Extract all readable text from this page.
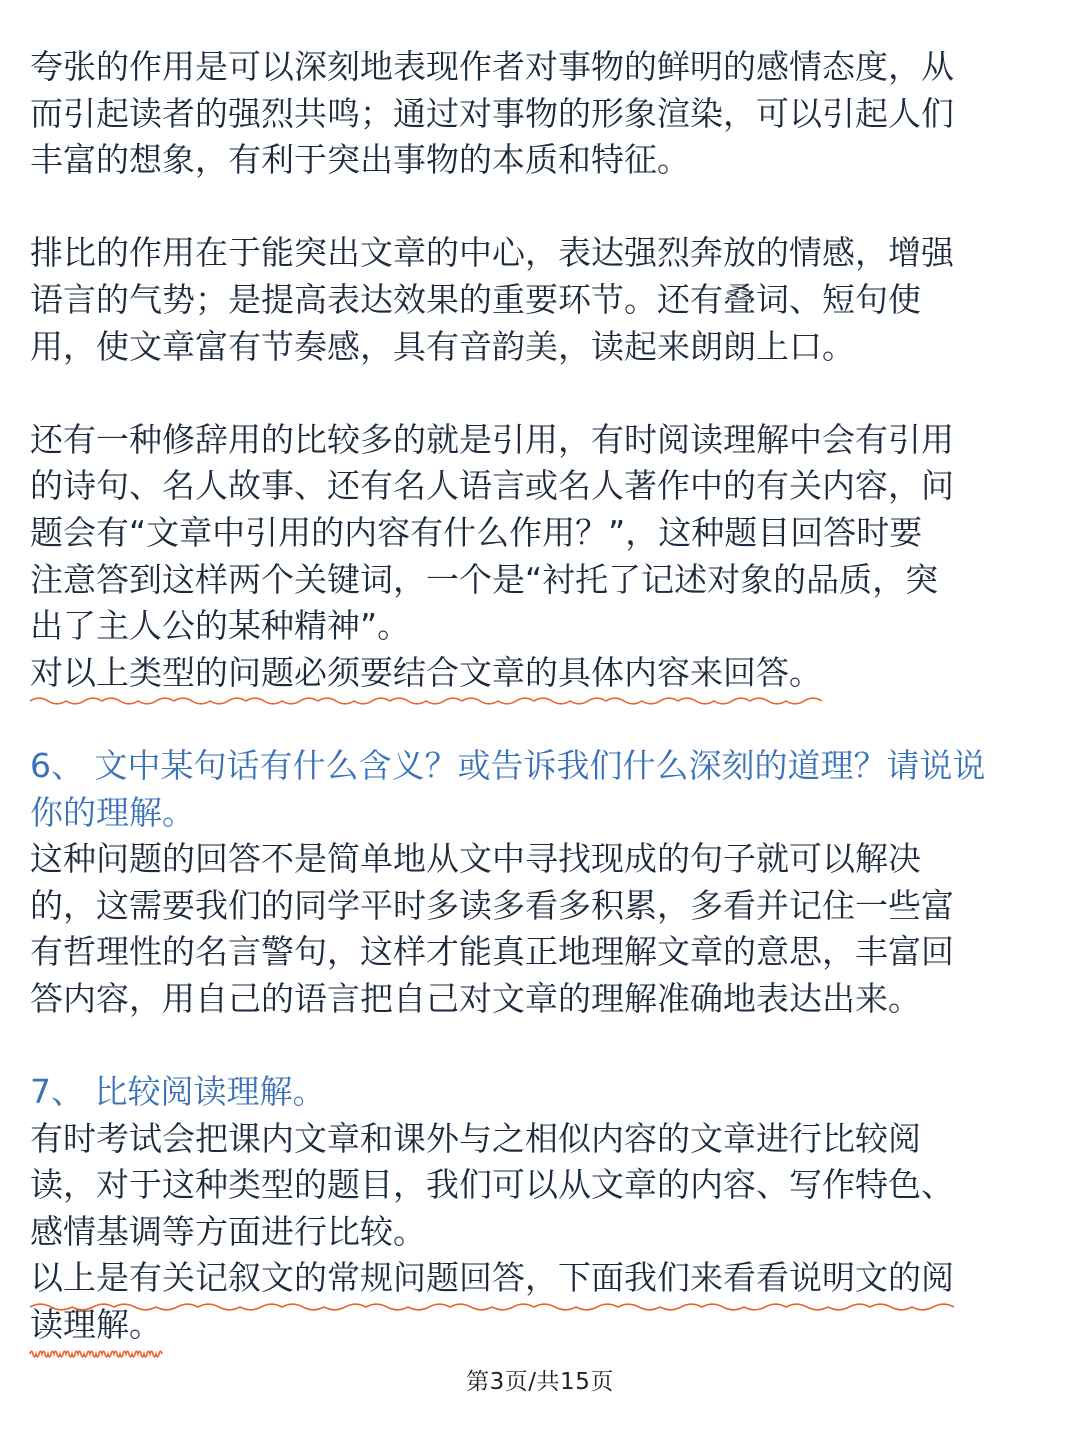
夸张的作用是可以深刻地表现作者对事物的鲜明的感情态度，从
而引起读者的强烈共鸣；通过对事物的形象渲染，可以引起人们
丰富的想象，有利于突出事物的本质和特征。
排比的作用在于能突出文章的中心，表达强烈奔放的情感，增强
语言的气势；是提高表达效果的重要环节。还有叠词、短句使
用，使文章富有节奏感，具有音韵美，读起来朗朗上口。
还有一种修辞用的比较多的就是引用，有时阅读理解中会有引用
的诗句、名人故事、还有名人语言或名人著作中的有关内容，问
题会有“文章中引用的内容有什么作用？”，这种题目回答时要
注意答到这样两个关键词，一个是“衬托了记述对象的品质，突
出了主人公的某种精神”。
对以上类型的问题必须要结合文章的具体内容来回答。
6、 文中某句话有什么含义？或告诉我们什么深刻的道理？请说说
你的理解。
这种问题的回答不是简单地从文中寻找现成的句子就可以解决
的，这需要我们的同学平时多读多看多积累，多看并记住一些富
有哲理性的名言警句，这样才能真正地理解文章的意思，丰富回
答内容，用自己的语言把自己对文章的理解准确地表达出来。
7、 比较阅读理解。
有时考试会把课内文章和课外与之相似内容的文章进行比较阅
读，对于这种类型的题目，我们可以从文章的内容、写作特色、
感情基调等方面进行比较。
以上是有关记叙文的常规问题回答，下面我们来看看说明文的阅
读理解。
第3页/共15页
